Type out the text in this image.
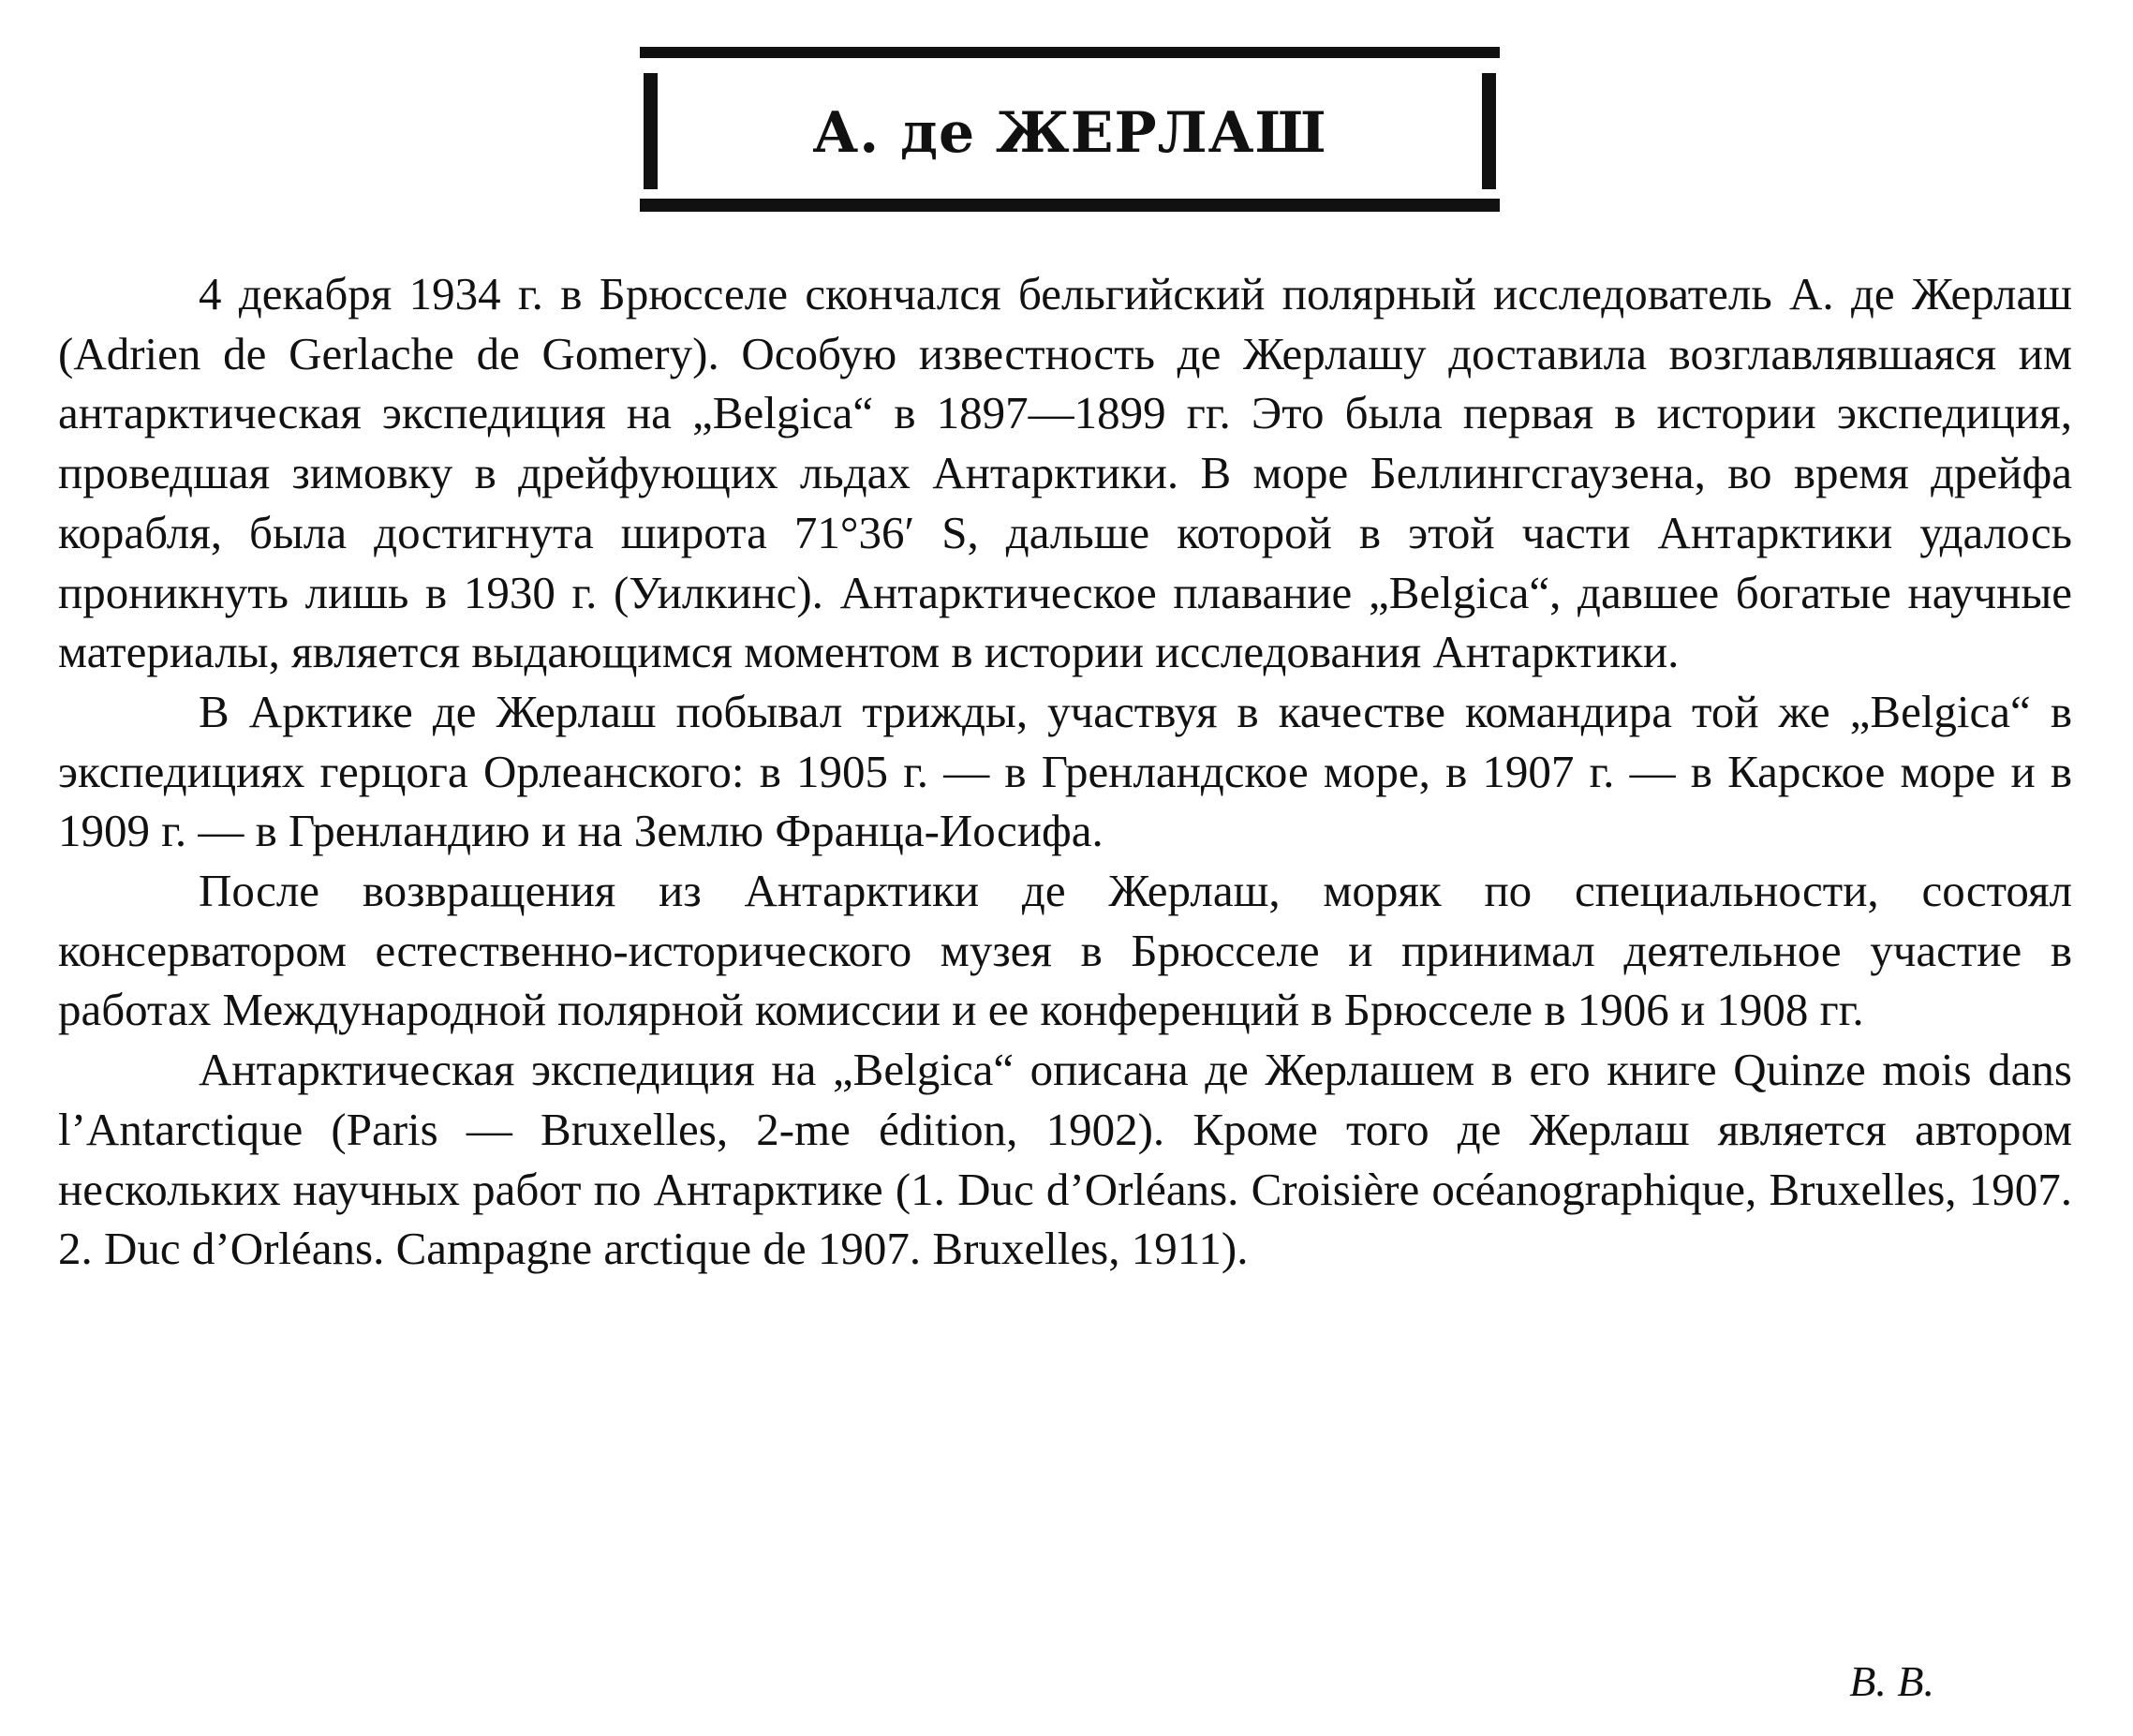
А. де ЖЕРЛАШ

4 декабря 1934 г. в Брюсселе скончался бельгийский полярный исследователь А. де Жерлаш (Adrien de Gerlache de Gomery). Особую известность де Жерлашу доставила возглавлявшаяся им антарктическая экспедиция на „Belgica“ в 1897—1899 гг. Это была первая в истории экспедиция, проведшая зимовку в дрейфующих льдах Антарктики. В море Беллингсгаузена, во время дрейфа корабля, была достигнута широта 71°36′ S, дальше которой в этой части Антарктики удалось проникнуть лишь в 1930 г. (Уилкинс). Антарктическое плавание „Belgica“, давшее богатые научные материалы, является выдающимся моментом в истории исследования Антарктики.

В Арктике де Жерлаш побывал трижды, участвуя в качестве командира той же „Belgica“ в экспедициях герцога Орлеанского: в 1905 г. — в Гренландское море, в 1907 г. — в Карское море и в 1909 г. — в Гренландию и на Землю Франца-Иосифа.

После возвращения из Антарктики де Жерлаш, моряк по специальности, состоял консерватором естественно-исторического музея в Брюсселе и принимал деятельное участие в работах Международной полярной комиссии и ее конференций в Брюсселе в 1906 и 1908 гг.

Антарктическая экспедиция на „Belgica“ описана де Жерлашем в его книге Quinze mois dans l’Antarctique (Paris — Bruxelles, 2-me édition, 1902). Кроме того де Жерлаш является автором нескольких научных работ по Антарктике (1. Duc d’Orléans. Croisière océanographique, Bruxelles, 1907. 2. Duc d’Orléans. Campagne arctique de 1907. Bruxelles, 1911).

В. В.
